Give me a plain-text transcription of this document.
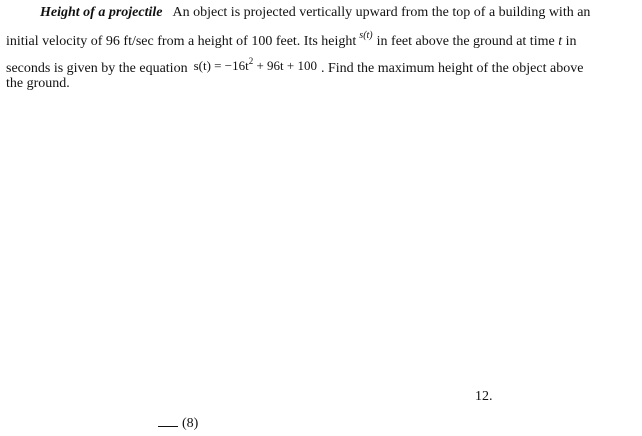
Height of a projectile An object is projected vertically upward from the top of a building with an
initial velocity of 96 ft/sec from a height of 100 feet. Its height $^{s(t)}$ in feet above the ground at time t in
seconds is given by the equation $s(t) = -16t^2 + 96t + 100$ . Find the maximum height of the object above
the ground.
12.
(8)
